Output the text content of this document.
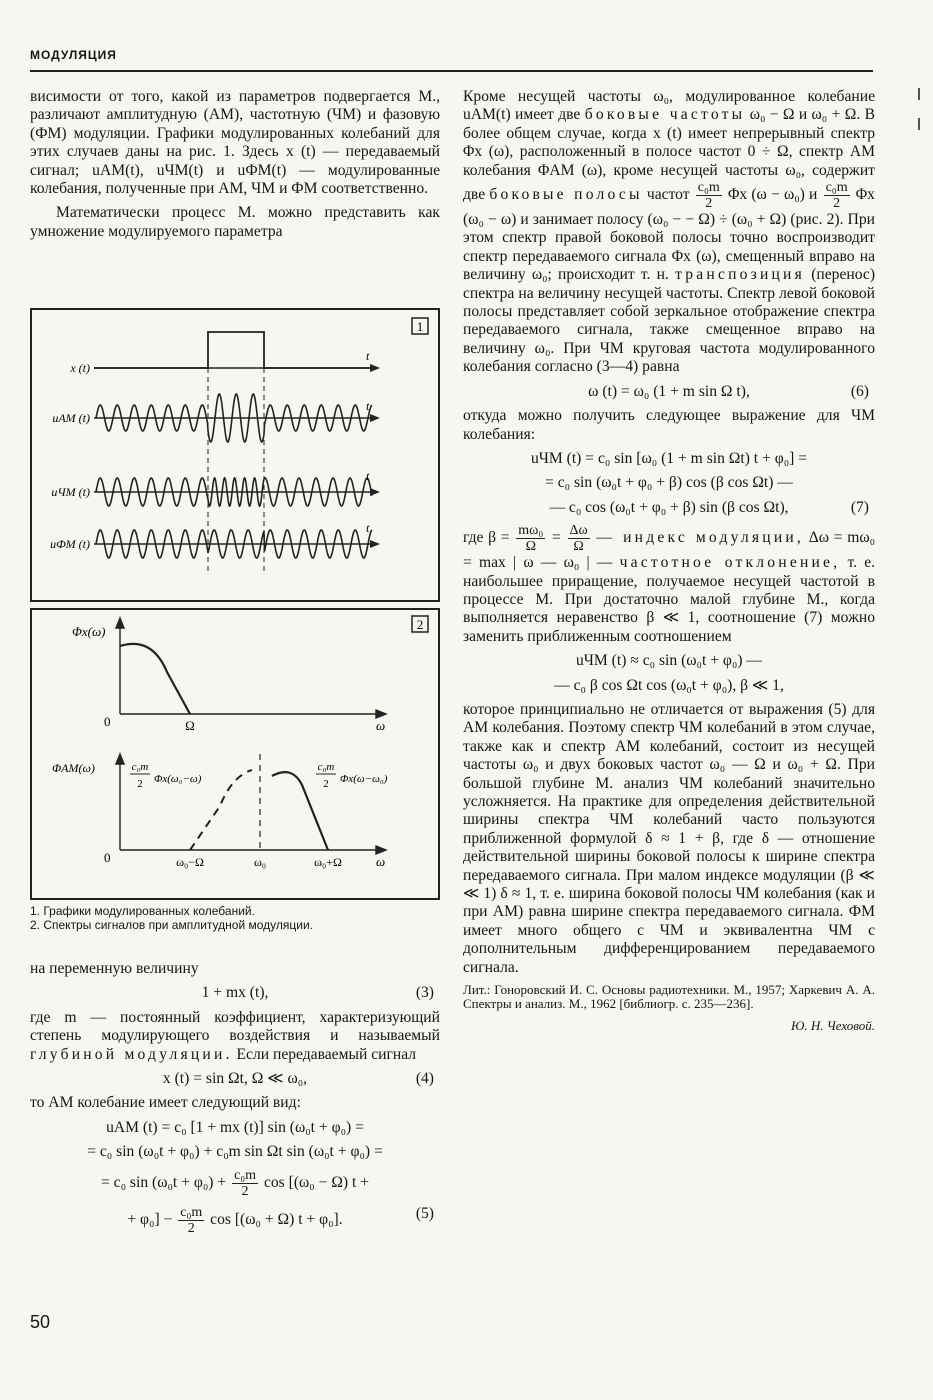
МОДУЛЯЦИЯ

висимости от того, какой из параметров подвергается М., различают амплитудную (АМ), частотную (ЧМ) и фазовую (ФМ) модуляции. Графики модулированных колебаний для этих случаев даны на рис. 1. Здесь x (t) — передаваемый сигнал; uАМ(t), uЧМ(t) и uФМ(t) — модулированные колебания, полученные при АМ, ЧМ и ФМ соответственно.

Математически процесс М. можно представить как умножение модулируемого параметра

1
x (t)
uАМ (t)
uЧМ (t)
uФМ (t)
t
t
t
t
2
Φx(ω)
0	Ω	ω
ΦАМ(ω)
0	ω₀−Ω	ω₀	ω₀+Ω	ω
c₀m
2 Φx(ω₀−ω)
c₀m
2 Φx(ω−ω₀)
1. Графики модулированных колебаний.
2. Спектры сигналов при амплитудной модуляции.

на переменную величину

1 + mx (t),	(3)

где m — постоянный коэффициент, характеризующий степень модулирующего воздействия и называемый глубиной модуляции. Если передаваемый сигнал

x (t) = sin Ωt, Ω ≪ ω₀,	(4)

то АМ колебание имеет следующий вид:

uАМ (t) = c₀ [1 + mx (t)] sin (ω₀t + φ₀) =
= c₀ sin (ω₀t + φ₀) + c₀m sin Ωt sin (ω₀t + φ₀) =
= c₀ $\sin (\omega_0t + \varphi_0) + \frac{\text{c₀m}}{2}$ cos [(ω₀ − Ω) t +
+ $\varphi_0] - \frac{\text{c₀m}}{2}$ cos [(ω₀ + Ω) t + φ₀].	(5)

Кроме несущей частоты ω₀, модулированное колебание uАМ(t) имеет две боковые частоты ω₀ − Ω и ω₀ + Ω. В более общем случае, когда x (t) имеет непрерывный спектр Φx (ω), расположенный в полосе частот 0 ÷ Ω, спектр АМ колебания ΦАМ (ω), кроме несущей частоты ω₀, содержит две боковые полосы частот $\frac{\text{c₀m}}{2}$ Φx (ω − ω₀) и $\frac{\text{c₀m}}{2}$ Φx (ω₀ − ω) и занимает полосу (ω₀ − − Ω) ÷ (ω₀ + Ω) (рис. 2). При этом спектр правой боковой полосы точно воспроизводит спектр передаваемого сигнала Φx (ω), смещенный вправо на величину ω₀; происходит т. н. транспозиция (перенос) спектра на величину несущей частоты. Спектр левой боковой полосы представляет собой зеркальное отображение спектра передаваемого сигнала, также смещенное вправо на величину ω₀. При ЧМ круговая частота модулированного колебания согласно (3—4) равна

ω (t) = ω₀ (1 + m sin Ω t),	(6)

откуда можно получить следующее выражение для ЧМ колебания:

uЧМ (t) = c₀ sin [ω₀ (1 + m sin Ωt) t + φ₀] =
= c₀ sin (ω₀t + φ₀ + β) cos (β cos Ωt) —
— c₀ cos (ω₀t + φ₀ + β) sin (β cos Ωt),	(7)

где $\beta = \frac{\text{mω₀}}{\Omega} = \frac{\Delta\omega}{\Omega}$ — индекс модуляции, Δω = mω₀ = max | ω — ω₀ | — частотное отклонение, т. е. наибольшее приращение, получаемое несущей частотой в процессе М. При достаточно малой глубине М., когда выполняется неравенство β ≪ 1, соотношение (7) можно заменить приближенным соотношением

uЧМ (t) ≈ c₀ sin (ω₀t + φ₀) —
— c₀ β cos Ωt cos (ω₀t + φ₀), β ≪ 1,

которое принципиально не отличается от выражения (5) для АМ колебания. Поэтому спектр ЧМ колебаний в этом случае, также как и спектр АМ колебаний, состоит из несущей частоты ω₀ и двух боковых частот ω₀ — Ω и ω₀ + Ω. При большой глубине М. анализ ЧМ колебаний значительно усложняется. На практике для определения действительной ширины спектра ЧМ колебаний часто пользуются приближенной формулой δ ≈ 1 + β, где δ — отношение действительной ширины боковой полосы к ширине спектра передаваемого сигнала. При малом индексе модуляции (β ≪ ≪ 1) δ ≈ 1, т. е. ширина боковой полосы ЧМ колебания (как и при АМ) равна ширине спектра передаваемого сигнала. ФМ имеет много общего с ЧМ и эквивалентна ЧМ с дополнительным дифференцированием передаваемого сигнала.

Лит.: Гоноровский И. С. Основы радиотехники. М., 1957; Харкевич А. А. Спектры и анализ. М., 1962 [библиогр. с. 235—236].

Ю. Н. Чеховой.
50
